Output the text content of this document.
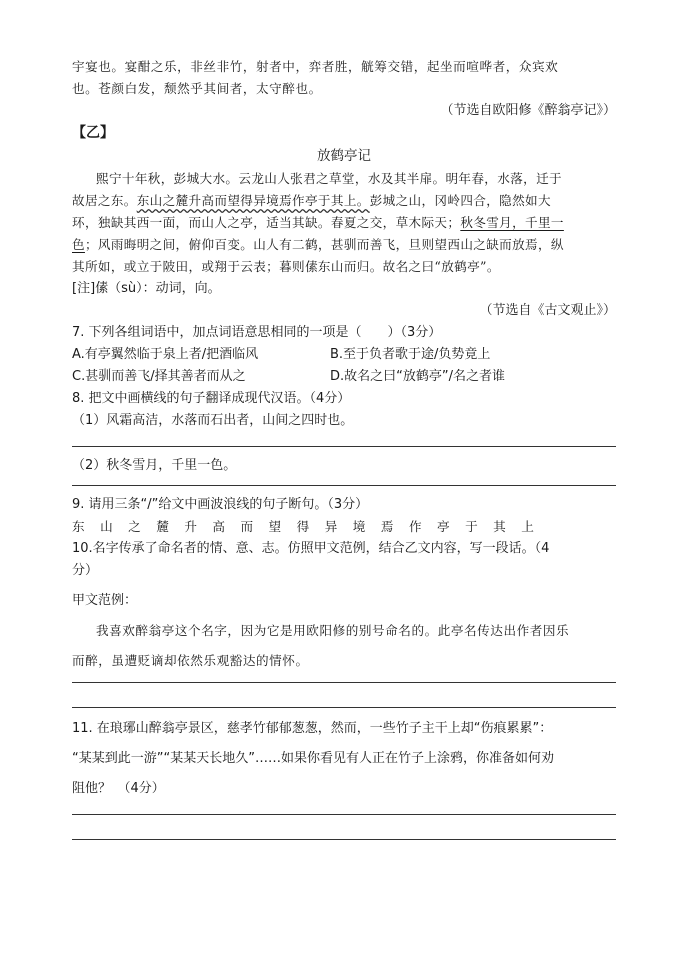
宇宴也。宴酣之乐，非丝非竹，射者中，弈者胜，觥筹交错，起坐而喧哗者，众宾欢
也。苍颜白发，颓然乎其间者，太守醉也。
（节选自欧阳修《醉翁亭记》）
【乙】
放鹤亭记
熙宁十年秋，彭城大水。云龙山人张君之草堂，水及其半扉。明年春，水落，迁于
故居之东。东山之麓升高而望得异境焉作亭于其上。彭城之山，冈岭四合，隐然如大
环，独缺其西一面，而山人之亭，适当其缺。春夏之交，草木际天；秋冬雪月，千里一
色；风雨晦明之间，俯仰百变。山人有二鹤，甚驯而善飞，旦则望西山之缺而放焉，纵
其所如，或立于陂田，或翔于云表；暮则傃东山而归。故名之曰“放鹤亭”。
[注]傃（sù）：动词，向。
（节选自《古文观止》）
7. 下列各组词语中，加点词语意思相同的一项是（　　）（3分）
A.有亭翼然临于泉上者/把酒临风	B.至于负者歌于途/负势竟上
C.甚驯而善飞/择其善者而从之	D.故名之曰“放鹤亭”/名之者谁
8. 把文中画横线的句子翻译成现代汉语。（4分）
（1）风霜高洁，水落而石出者，山间之四时也。
（2）秋冬雪月，千里一色。
9. 请用三条“/”给文中画波浪线的句子断句。（3分）
东 山 之 麓 升 高 而 望 得 异 境 焉 作 亭 于 其 上
10.名字传承了命名者的情、意、志。仿照甲文范例，结合乙文内容，写一段话。（4
分）
甲文范例：
我喜欢醉翁亭这个名字，因为它是用欧阳修的别号命名的。此亭名传达出作者因乐
而醉，虽遭贬谪却依然乐观豁达的情怀。
11. 在琅琊山醉翁亭景区，慈孝竹郁郁葱葱，然而，一些竹子主干上却“伤痕累累”：
“某某到此一游”“某某天长地久”……如果你看见有人正在竹子上涂鸦，你准备如何劝
阻他？　（4分）
